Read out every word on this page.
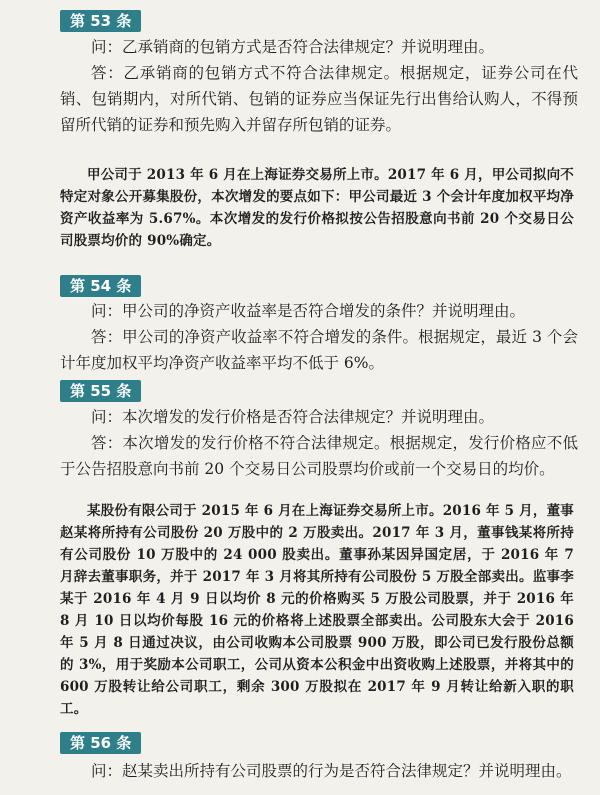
第 53 条

问：乙承销商的包销方式是否符合法律规定？并说明理由。

答：乙承销商的包销方式不符合法律规定。根据规定，证券公司在代销、包销期内，对所代销、包销的证券应当保证先行出售给认购人，不得预留所代销的证券和预先购入并留存所包销的证券。

甲公司于 2013 年 6 月在上海证券交易所上市。2017 年 6 月，甲公司拟向不特定对象公开募集股份，本次增发的要点如下：甲公司最近 3 个会计年度加权平均净资产收益率为 5.67%。本次增发的发行价格拟按公告招股意向书前 20 个交易日公司股票均价的 90%确定。

第 54 条

问：甲公司的净资产收益率是否符合增发的条件？并说明理由。

答：甲公司的净资产收益率不符合增发的条件。根据规定，最近 3 个会计年度加权平均净资产收益率平均不低于 6%。

第 55 条

问：本次增发的发行价格是否符合法律规定？并说明理由。

答：本次增发的发行价格不符合法律规定。根据规定，发行价格应不低于公告招股意向书前 20 个交易日公司股票均价或前一个交易日的均价。

某股份有限公司于 2015 年 6 月在上海证券交易所上市。2016 年 5 月，董事赵某将所持有公司股份 20 万股中的 2 万股卖出。2017 年 3 月，董事钱某将所持有公司股份 10 万股中的 24 000 股卖出。董事孙某因异国定居，于 2016 年 7 月辞去董事职务，并于 2017 年 3 月将其所持有公司股份 5 万股全部卖出。监事李某于 2016 年 4 月 9 日以均价 8 元的价格购买 5 万股公司股票，并于 2016 年 8 月 10 日以均价每股 16 元的价格将上述股票全部卖出。公司股东大会于 2016 年 5 月 8 日通过决议，由公司收购本公司股票 900 万股，即公司已发行股份总额的 3%，用于奖励本公司职工，公司从资本公积金中出资收购上述股票，并将其中的 600 万股转让给公司职工，剩余 300 万股拟在 2017 年 9 月转让给新入职的职工。

第 56 条

问：赵某卖出所持有公司股票的行为是否符合法律规定？并说明理由。
